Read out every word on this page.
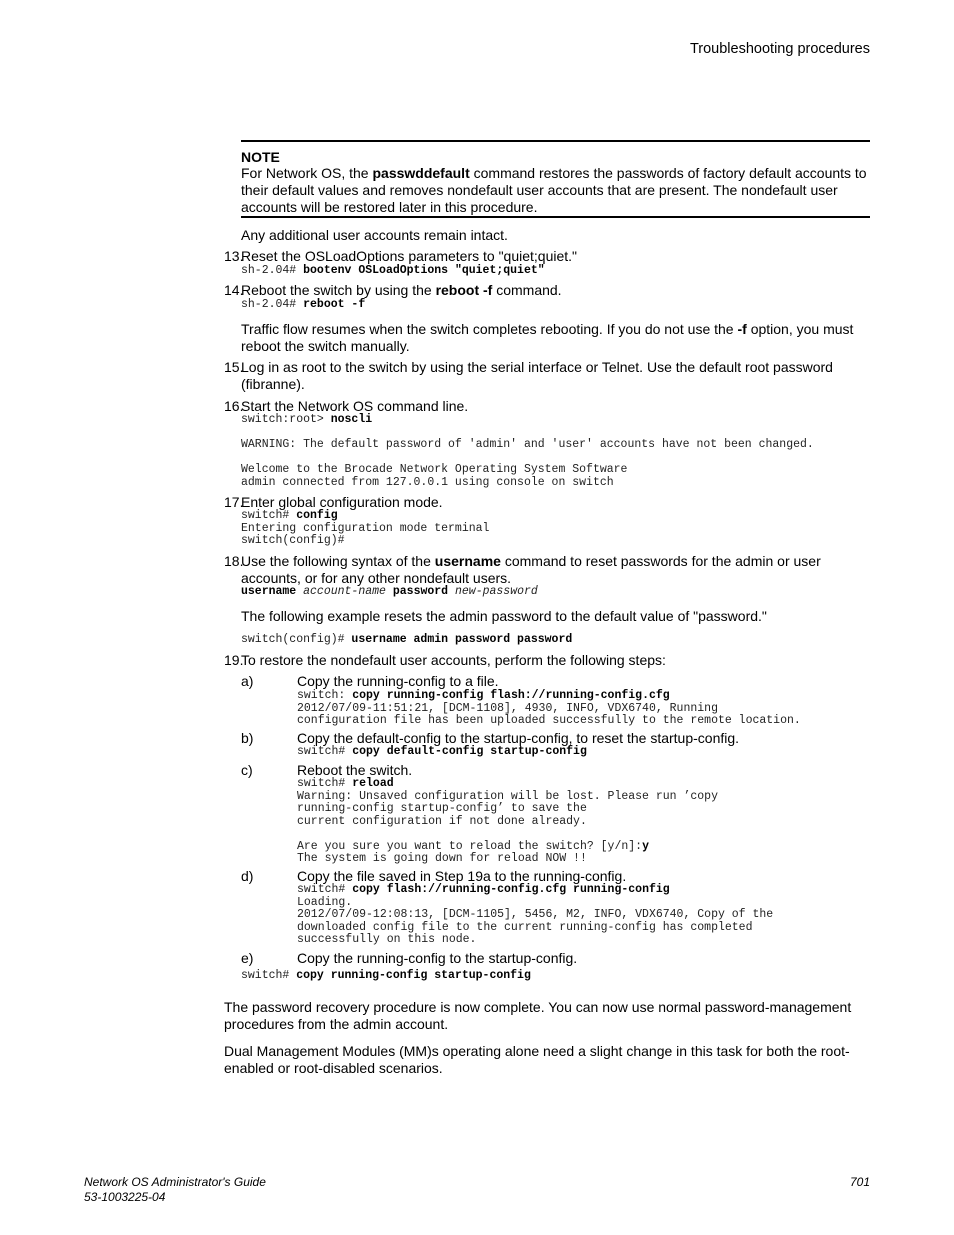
Troubleshooting procedures
NOTE
For Network OS, the passwddefault command restores the passwords of factory default accounts to their default values and removes nondefault user accounts that are present. The nondefault user accounts will be restored later in this procedure.
Any additional user accounts remain intact.
13.
Reset the OSLoadOptions parameters to "quiet;quiet."
sh-2.04# bootenv OSLoadOptions "quiet;quiet"
14.
Reboot the switch by using the reboot -f command.
sh-2.04# reboot -f
Traffic flow resumes when the switch completes rebooting. If you do not use the -f option, you must reboot the switch manually.
15.
Log in as root to the switch by using the serial interface or Telnet. Use the default root password (fibranne).
16.
Start the Network OS command line.
switch:root> noscli

WARNING: The default password of 'admin' and 'user' accounts have not been changed.

Welcome to the Brocade Network Operating System Software
admin connected from 127.0.0.1 using console on switch
17.
Enter global configuration mode.
switch# config
Entering configuration mode terminal
switch(config)#
18.
Use the following syntax of the username command to reset passwords for the admin or user accounts, or for any other nondefault users.
username account-name password new-password
The following example resets the admin password to the default value of "password."
switch(config)# username admin password password
19.
To restore the nondefault user accounts, perform the following steps:
a)	Copy the running-config to a file.
switch: copy running-config flash://running-config.cfg
2012/07/09-11:51:21, [DCM-1108], 4930, INFO, VDX6740, Running
configuration file has been uploaded successfully to the remote location.
b)	Copy the default-config to the startup-config, to reset the startup-config.
switch# copy default-config startup-config
c)	Reboot the switch.
switch# reload
Warning: Unsaved configuration will be lost. Please run ’copy
running-config startup-config’ to save the
current configuration if not done already.

Are you sure you want to reload the switch? [y/n]:y
The system is going down for reload NOW !!
d)	Copy the file saved in Step 19a to the running-config.
switch# copy flash://running-config.cfg running-config
Loading.
2012/07/09-12:08:13, [DCM-1105], 5456, M2, INFO, VDX6740, Copy of the
downloaded config file to the current running-config has completed
successfully on this node.
e)	Copy the running-config to the startup-config.
switch# copy running-config startup-config
The password recovery procedure is now complete. You can now use normal password-management procedures from the admin account.
Dual Management Modules (MM)s operating alone need a slight change in this task for both the root-enabled or root-disabled scenarios.
Network OS Administrator's Guide
53-1003225-04
701
